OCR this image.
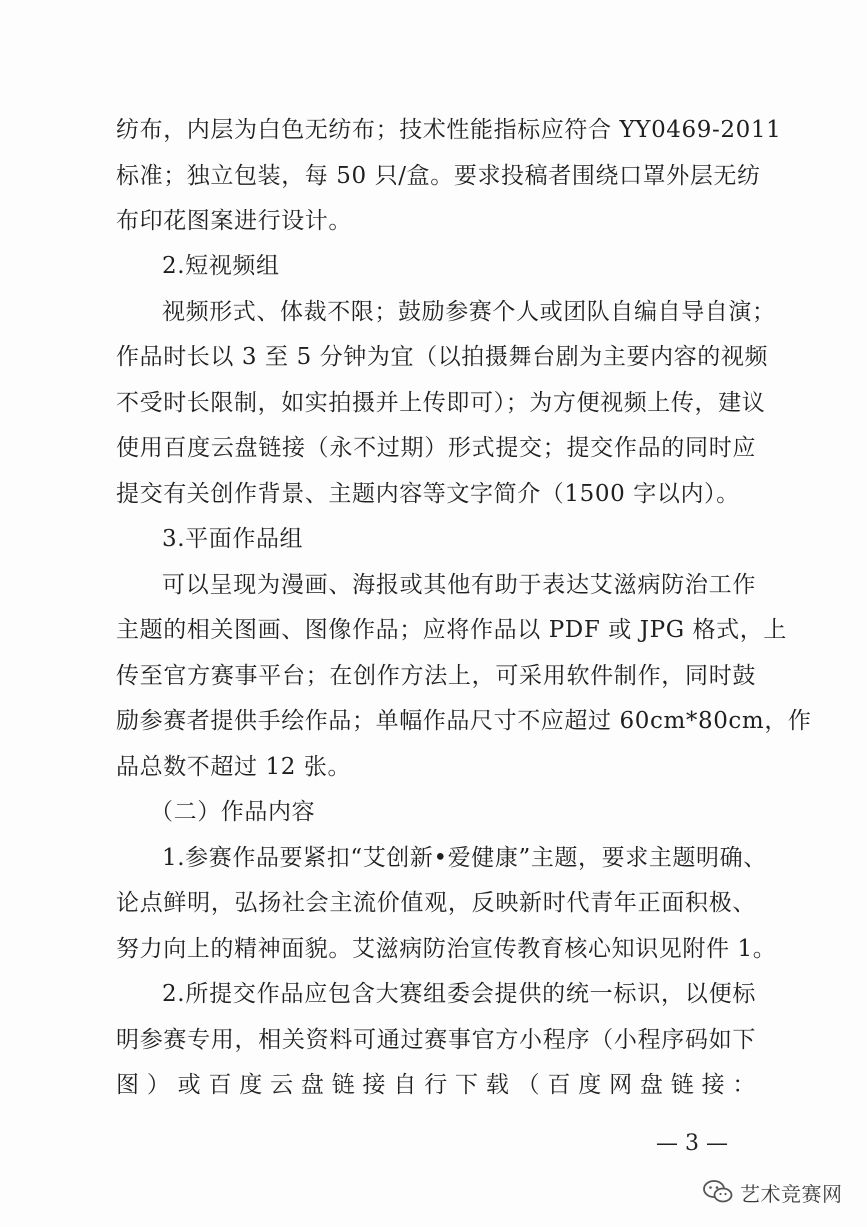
纺布，内层为白色无纺布；技术性能指标应符合 YY0469-2011
标准；独立包装，每 50 只/盒。要求投稿者围绕口罩外层无纺
布印花图案进行设计。
2.短视频组
视频形式、体裁不限；鼓励参赛个人或团队自编自导自演；
作品时长以 3 至 5 分钟为宜（以拍摄舞台剧为主要内容的视频
不受时长限制，如实拍摄并上传即可）；为方便视频上传，建议
使用百度云盘链接（永不过期）形式提交；提交作品的同时应
提交有关创作背景、主题内容等文字简介（1500 字以内）。
3.平面作品组
可以呈现为漫画、海报或其他有助于表达艾滋病防治工作
主题的相关图画、图像作品；应将作品以 PDF 或 JPG 格式，上
传至官方赛事平台；在创作方法上，可采用软件制作，同时鼓
励参赛者提供手绘作品；单幅作品尺寸不应超过 60cm*80cm，作
品总数不超过 12 张。
（二）作品内容
1.参赛作品要紧扣“艾创新•爱健康”主题，要求主题明确、
论点鲜明，弘扬社会主流价值观，反映新时代青年正面积极、
努力向上的精神面貌。艾滋病防治宣传教育核心知识见附件 1。
2.所提交作品应包含大赛组委会提供的统一标识，以便标
明参赛专用，相关资料可通过赛事官方小程序（小程序码如下
图）或百度云盘链接自行下载（百度网盘链接：
— 3 —
艺术竞赛网
